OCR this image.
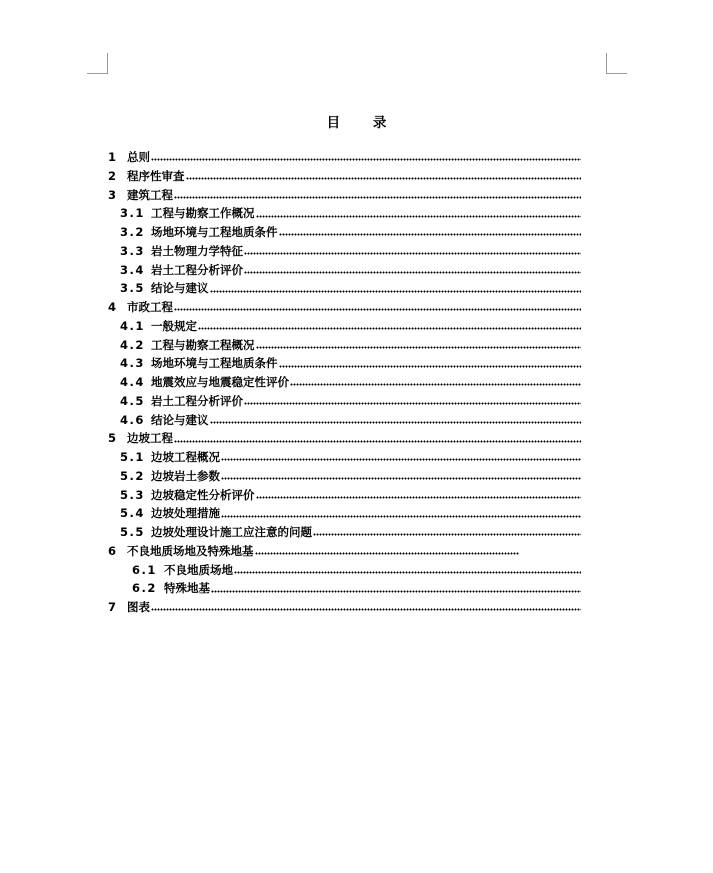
目 录
1 总则
2 程序性审查
3 建筑工程
3.1 工程与勘察工作概况
3.2 场地环境与工程地质条件
3.3 岩土物理力学特征
3.4 岩土工程分析评价
3.5 结论与建议
4 市政工程
4.1 一般规定
4.2 工程与勘察工程概况
4.3 场地环境与工程地质条件
4.4 地震效应与地震稳定性评价
4.5 岩土工程分析评价
4.6 结论与建议
5 边坡工程
5.1 边坡工程概况
5.2 边坡岩土参数
5.3 边坡稳定性分析评价
5.4 边坡处理措施
5.5 边坡处理设计施工应注意的问题
6 不良地质场地及特殊地基
6.1 不良地质场地
6.2 特殊地基
7 图表
